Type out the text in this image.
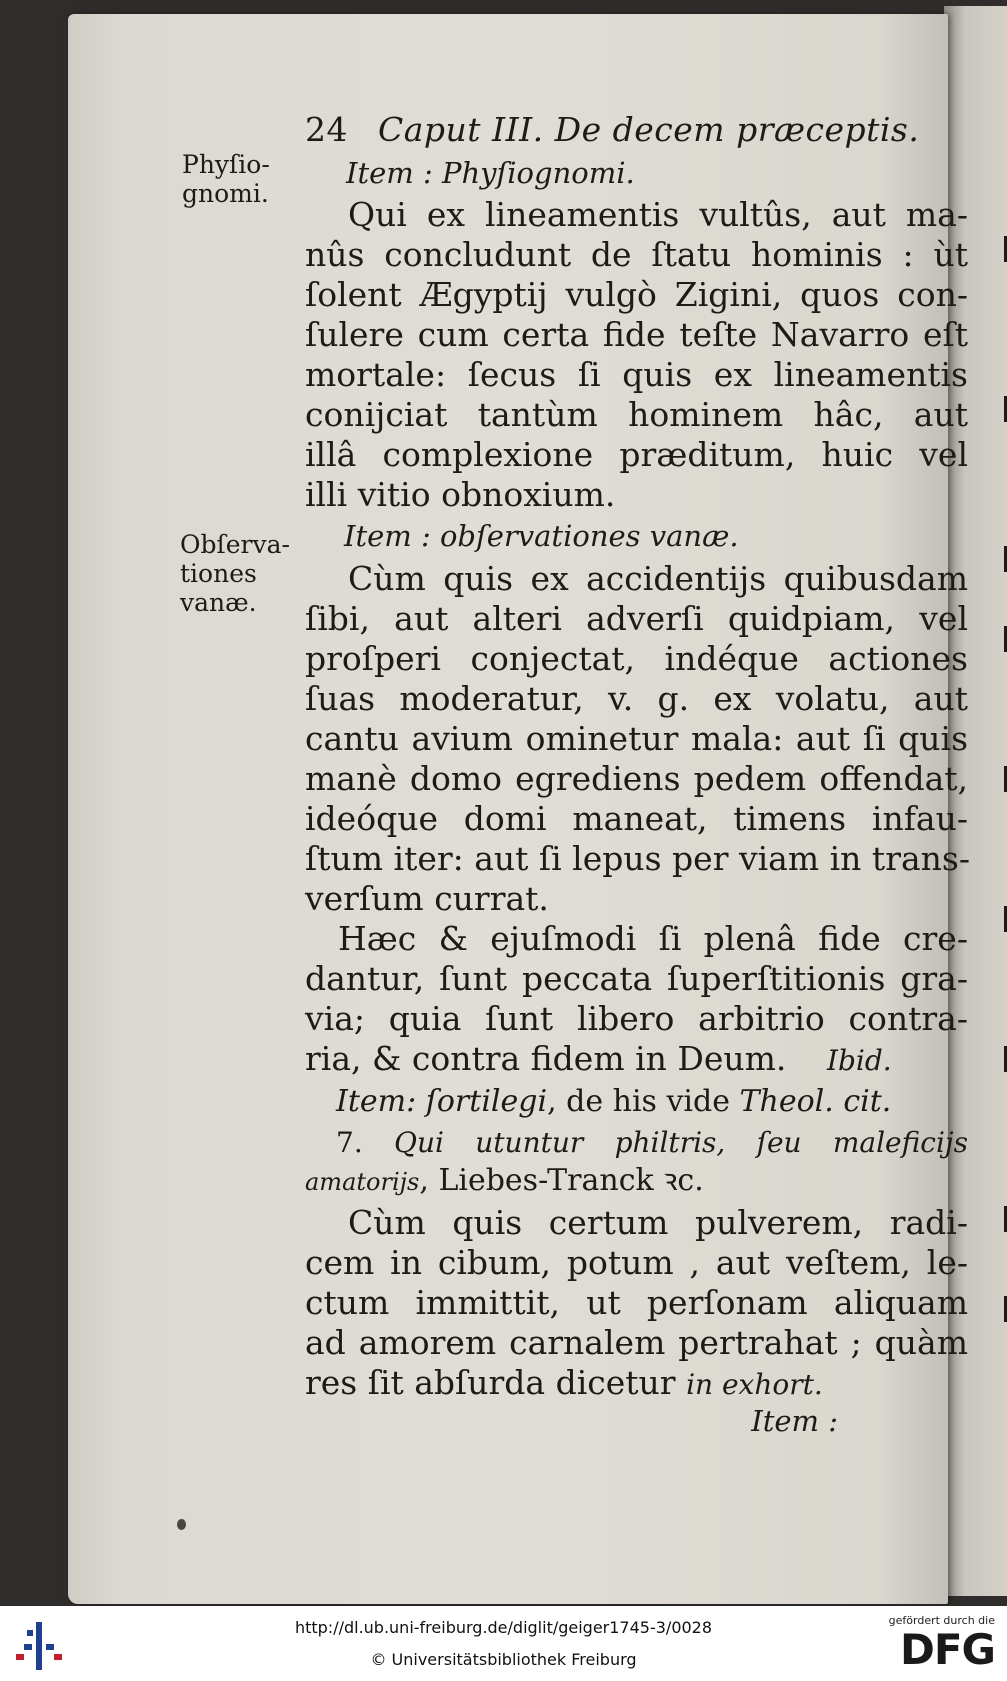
24 Caput III. De decem præceptis.
Phyſio-
gnomi.
Obſerva-
tiones
vanæ.
Item : Phyſiognomi.
Qui ex lineamentis vultûs, aut ma-
nûs concludunt de ſtatu hominis : ùt
ſolent Ægyptij vulgò Zigini, quos con-
ſulere cum certa fide teſte Navarro eſt
mortale: ſecus ſi quis ex lineamentis
conijciat tantùm hominem hâc, aut
illâ complexione præditum, huic vel
illi vitio obnoxium.
Item : obſervationes vanæ.
Cùm quis ex accidentijs quibusdam
ſibi, aut alteri adverſi quidpiam, vel
proſperi conjectat, indéque actiones
ſuas moderatur, v. g. ex volatu, aut
cantu avium ominetur mala: aut ſi quis
manè domo egrediens pedem offendat,
ideóque domi maneat, timens infau-
ſtum iter: aut ſi lepus per viam in trans-
verſum currat.
Hæc & ejuſmodi ſi plenâ fide cre-
dantur, ſunt peccata ſuperſtitionis gra-
via; quia ſunt libero arbitrio contra-
ria, & contra fidem in Deum. Ibid.
Item: ſortilegi, de his vide Theol. cit.
7. Qui utuntur philtris, ſeu maleficijs
amatorijs, Liebes-Tranck ꝛc.
Cùm quis certum pulverem, radi-
cem in cibum, potum , aut veſtem, le-
ctum immittit, ut perſonam aliquam
ad amorem carnalem pertrahat ; quàm
res ſit abſurda dicetur in exhort.
Item :
http://dl.ub.uni-freiburg.de/diglit/geiger1745-3/0028
© Universitätsbibliothek Freiburg
gefördert durch die
DFG
